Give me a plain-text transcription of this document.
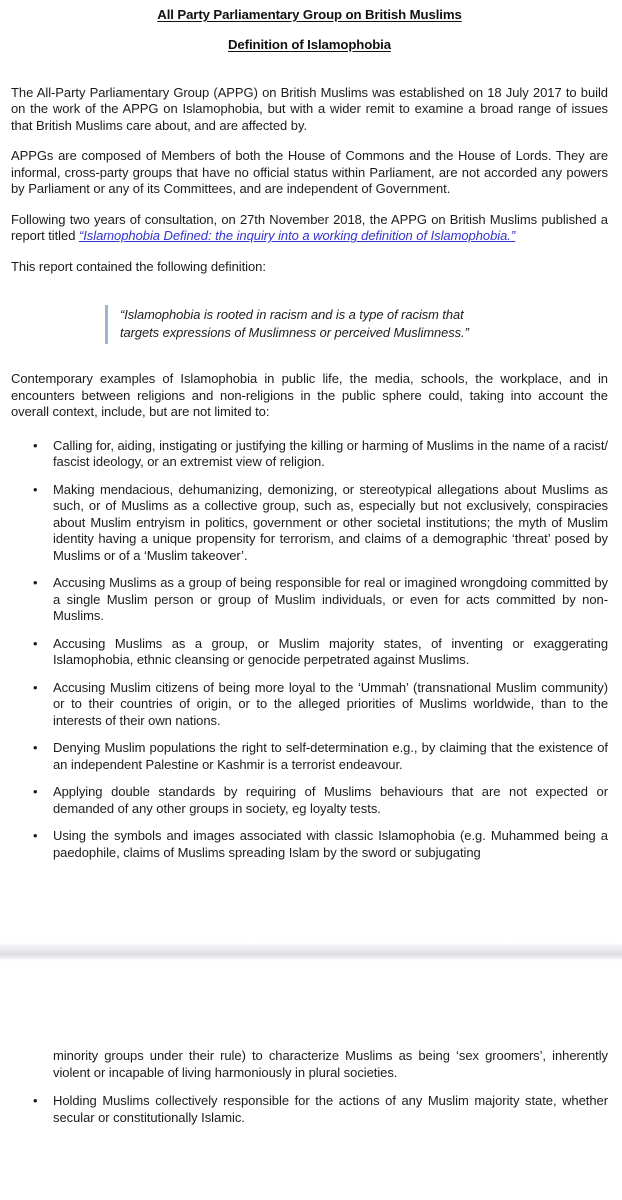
All Party Parliamentary Group on British Muslims
Definition of Islamophobia

The All-Party Parliamentary Group (APPG) on British Muslims was established on 18 July 2017 to build on the work of the APPG on Islamophobia, but with a wider remit to examine a broad range of issues that British Muslims care about, and are affected by.

APPGs are composed of Members of both the House of Commons and the House of Lords. They are informal, cross-party groups that have no official status within Parliament, are not accorded any powers by Parliament or any of its Committees, and are independent of Government.

Following two years of consultation, on 27th November 2018, the APPG on British Muslims published a report titled “Islamophobia Defined: the inquiry into a working definition of Islamophobia.”

This report contained the following definition:

“Islamophobia is rooted in racism and is a type of racism that
targets expressions of Muslimness or perceived Muslimness.”

Contemporary examples of Islamophobia in public life, the media, schools, the workplace, and in encounters between religions and non-religions in the public sphere could, taking into account the overall context, include, but are not limited to:

• Calling for, aiding, instigating or justifying the killing or harming of Muslims in the name of a racist/ fascist ideology, or an extremist view of religion.
• Making mendacious, dehumanizing, demonizing, or stereotypical allegations about Muslims as such, or of Muslims as a collective group, such as, especially but not exclusively, conspiracies about Muslim entryism in politics, government or other societal institutions; the myth of Muslim identity having a unique propensity for terrorism, and claims of a demographic ‘threat’ posed by Muslims or of a ‘Muslim takeover’.
• Accusing Muslims as a group of being responsible for real or imagined wrongdoing committed by a single Muslim person or group of Muslim individuals, or even for acts committed by non-Muslims.
• Accusing Muslims as a group, or Muslim majority states, of inventing or exaggerating Islamophobia, ethnic cleansing or genocide perpetrated against Muslims.
• Accusing Muslim citizens of being more loyal to the ‘Ummah’ (transnational Muslim community) or to their countries of origin, or to the alleged priorities of Muslims worldwide, than to the interests of their own nations.
• Denying Muslim populations the right to self-determination e.g., by claiming that the existence of an independent Palestine or Kashmir is a terrorist endeavour.
• Applying double standards by requiring of Muslims behaviours that are not expected or demanded of any other groups in society, eg loyalty tests.
• Using the symbols and images associated with classic Islamophobia (e.g. Muhammed being a paedophile, claims of Muslims spreading Islam by the sword or subjugating
minority groups under their rule) to characterize Muslims as being ‘sex groomers’, inherently violent or incapable of living harmoniously in plural societies.
• Holding Muslims collectively responsible for the actions of any Muslim majority state, whether secular or constitutionally Islamic.
